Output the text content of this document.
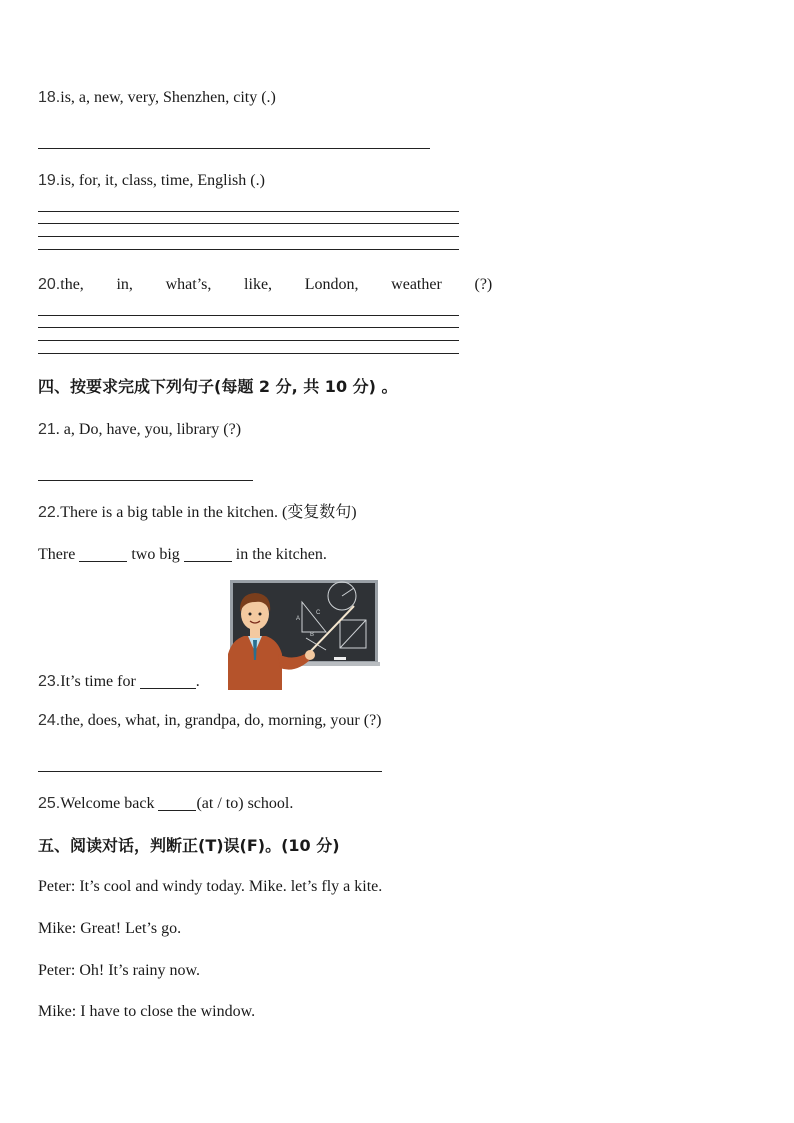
18.is, a, new, very, Shenzhen, city (.)
19.is, for, it, class, time, English (.)
20. the, in, what’s, like, London, weather (?)
四、按要求完成下列句子(每题 2 分, 共 10 分) 。
21. a, Do, have, you, library (?)
22.There is a big table in the kitchen. (变复数句)
There	two big	in the kitchen.
A
B
C
23.It’s time for	.
24.the, does, what, in, grandpa, do, morning, your (?)
25.Welcome back	(at / to) school.
五、阅读对话，判断正(T)误(F)。(10 分)
Peter: It’s cool and windy today. Mike. let’s fly a kite.
Mike: Great! Let’s go.
Peter: Oh! It’s rainy now.
Mike: I have to close the window.
